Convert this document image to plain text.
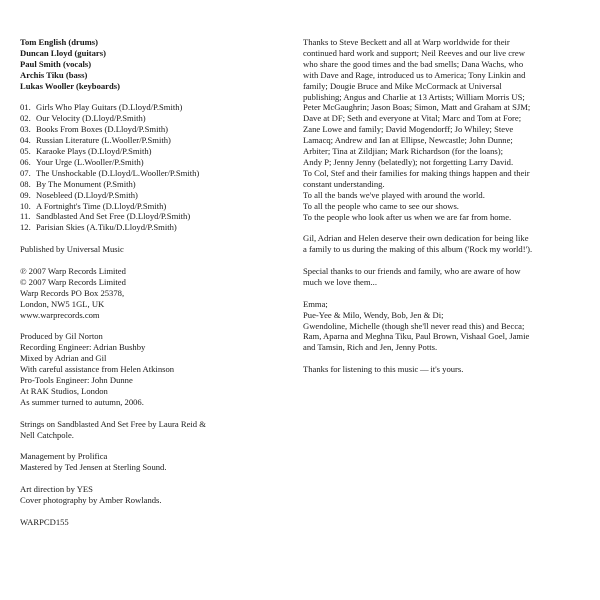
Tom English (drums)
Duncan Lloyd (guitars)
Paul Smith (vocals)
Archis Tiku (bass)
Lukas Wooller (keyboards)
01. Girls Who Play Guitars (D.Lloyd/P.Smith)
02. Our Velocity (D.Lloyd/P.Smith)
03. Books From Boxes (D.Lloyd/P.Smith)
04. Russian Literature (L.Wooller/P.Smith)
05. Karaoke Plays (D.Lloyd/P.Smith)
06. Your Urge (L.Wooller/P.Smith)
07. The Unshockable (D.Lloyd/L.Wooller/P.Smith)
08. By The Monument (P.Smith)
09. Nosebleed (D.Lloyd/P.Smith)
10. A Fortnight's Time (D.Lloyd/P.Smith)
11. Sandblasted And Set Free (D.Lloyd/P.Smith)
12. Parisian Skies (A.Tiku/D.Lloyd/P.Smith)
Published by Universal Music
℗ 2007 Warp Records Limited
© 2007 Warp Records Limited
Warp Records PO Box 25378,
London, NW5 1GL, UK
www.warprecords.com
Produced by Gil Norton
Recording Engineer: Adrian Bushby
Mixed by Adrian and Gil
With careful assistance from Helen Atkinson
Pro-Tools Engineer: John Dunne
At RAK Studios, London
As summer turned to autumn, 2006.
Strings on Sandblasted And Set Free by Laura Reid &
Nell Catchpole.
Management by Prolifica
Mastered by Ted Jensen at Sterling Sound.
Art direction by YES
Cover photography by Amber Rowlands.
WARPCD155
Thanks to Steve Beckett and all at Warp worldwide for their
continued hard work and support; Neil Reeves and our live crew
who share the good times and the bad smells; Dana Wachs, who
with Dave and Rage, introduced us to America; Tony Linkin and
family; Dougie Bruce and Mike McCormack at Universal
publishing; Angus and Charlie at 13 Artists; William Morris US;
Peter McGaughrin; Jason Boas; Simon, Matt and Graham at SJM;
Dave at DF; Seth and everyone at Vital; Marc and Tom at Fore;
Zane Lowe and family; David Mogendorff; Jo Whiley; Steve
Lamacq; Andrew and Ian at Ellipse, Newcastle; John Dunne;
Arbiter; Tina at Zildjian; Mark Richardson (for the loans);
Andy P; Jenny Jenny (belatedly); not forgetting Larry David.
To Col, Stef and their families for making things happen and their
constant understanding.
To all the bands we've played with around the world.
To all the people who came to see our shows.
To the people who look after us when we are far from home.
Gil, Adrian and Helen deserve their own dedication for being like
a family to us during the making of this album ('Rock my world!').
Special thanks to our friends and family, who are aware of how
much we love them...
Emma;
Pue-Yee & Milo, Wendy, Bob, Jen & Di;
Gwendoline, Michelle (though she'll never read this) and Becca;
Ram, Aparna and Meghna Tiku, Paul Brown, Vishaal Goel, Jamie
and Tamsin, Rich and Jen, Jenny Potts.
Thanks for listening to this music — it's yours.
